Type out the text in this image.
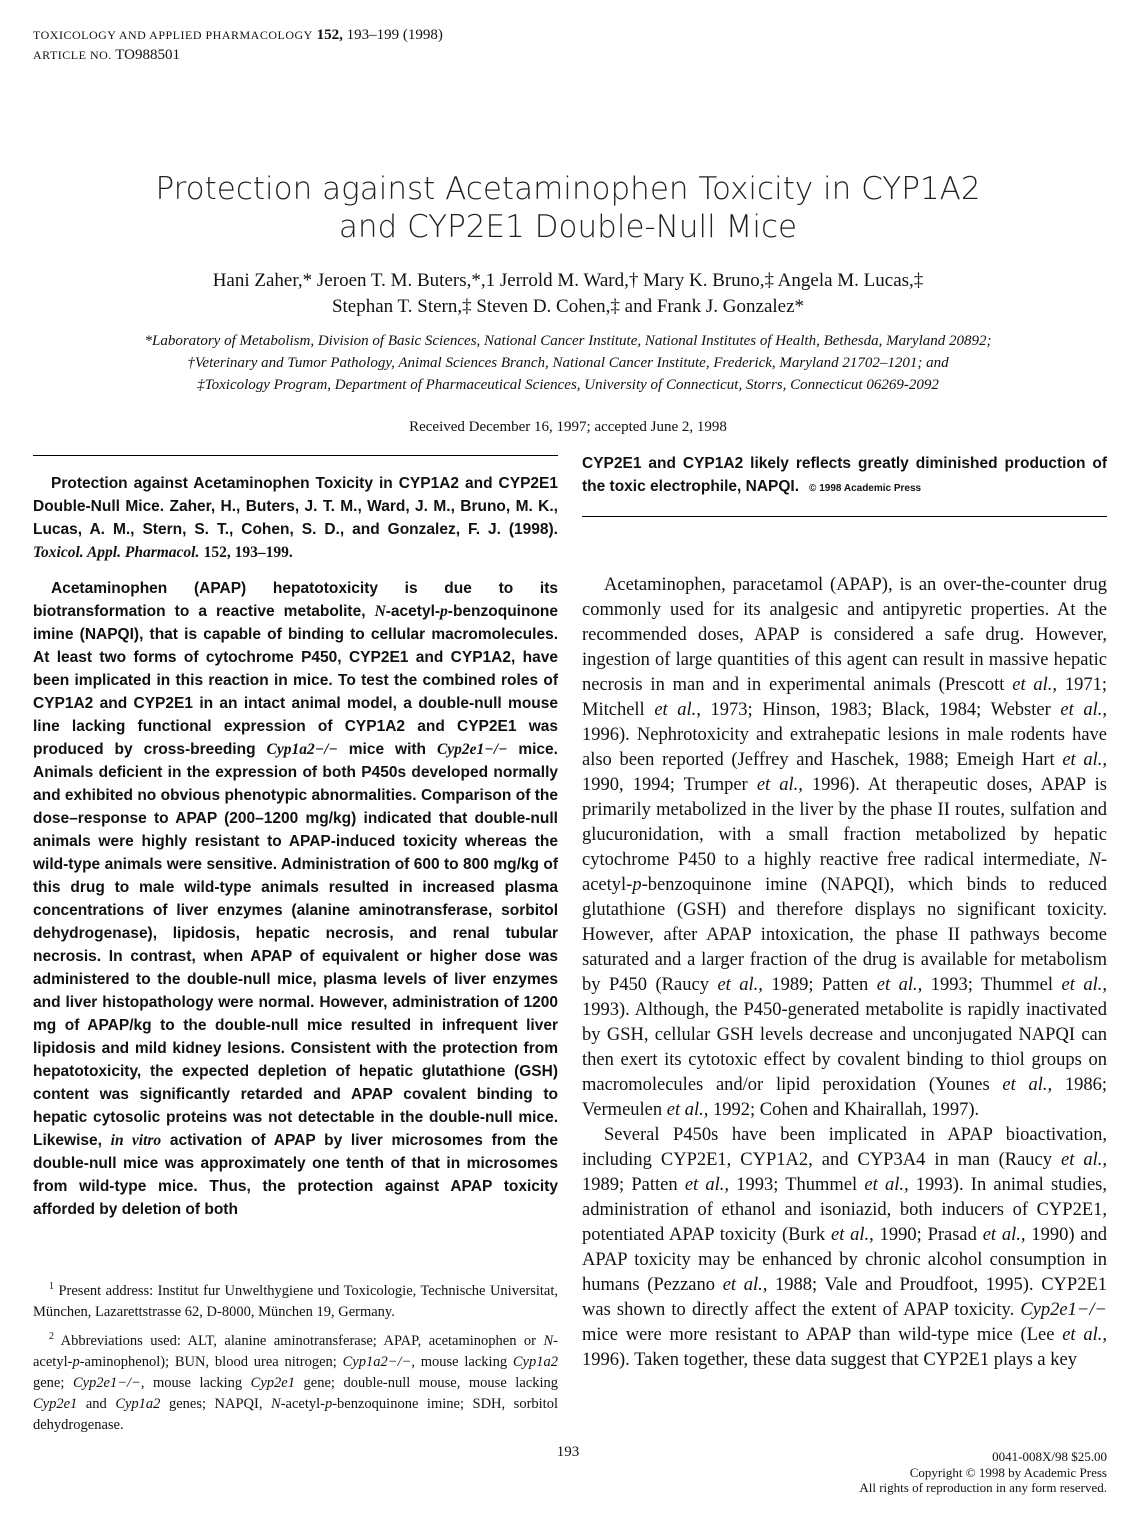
TOXICOLOGY AND APPLIED PHARMACOLOGY 152, 193–199 (1998)
ARTICLE NO. TO988501
Protection against Acetaminophen Toxicity in CYP1A2
and CYP2E1 Double-Null Mice
Hani Zaher,* Jeroen T. M. Buters,*,1 Jerrold M. Ward,† Mary K. Bruno,‡ Angela M. Lucas,‡
Stephan T. Stern,‡ Steven D. Cohen,‡ and Frank J. Gonzalez*
*Laboratory of Metabolism, Division of Basic Sciences, National Cancer Institute, National Institutes of Health, Bethesda, Maryland 20892;
†Veterinary and Tumor Pathology, Animal Sciences Branch, National Cancer Institute, Frederick, Maryland 21702–1201; and
‡Toxicology Program, Department of Pharmaceutical Sciences, University of Connecticut, Storrs, Connecticut 06269-2092
Received December 16, 1997; accepted June 2, 1998
Protection against Acetaminophen Toxicity in CYP1A2 and CYP2E1 Double-Null Mice. Zaher, H., Buters, J. T. M., Ward, J. M., Bruno, M. K., Lucas, A. M., Stern, S. T., Cohen, S. D., and Gonzalez, F. J. (1998). Toxicol. Appl. Pharmacol. 152, 193–199.
Acetaminophen (APAP) hepatotoxicity is due to its biotransformation to a reactive metabolite, N-acetyl-p-benzoquinone imine (NAPQI), that is capable of binding to cellular macromolecules. At least two forms of cytochrome P450, CYP2E1 and CYP1A2, have been implicated in this reaction in mice. To test the combined roles of CYP1A2 and CYP2E1 in an intact animal model, a double-null mouse line lacking functional expression of CYP1A2 and CYP2E1 was produced by cross-breeding Cyp1a2−/− mice with Cyp2e1−/− mice. Animals deficient in the expression of both P450s developed normally and exhibited no obvious phenotypic abnormalities. Comparison of the dose–response to APAP (200–1200 mg/kg) indicated that double-null animals were highly resistant to APAP-induced toxicity whereas the wild-type animals were sensitive. Administration of 600 to 800 mg/kg of this drug to male wild-type animals resulted in increased plasma concentrations of liver enzymes (alanine aminotransferase, sorbitol dehydrogenase), lipidosis, hepatic necrosis, and renal tubular necrosis. In contrast, when APAP of equivalent or higher dose was administered to the double-null mice, plasma levels of liver enzymes and liver histopathology were normal. However, administration of 1200 mg of APAP/kg to the double-null mice resulted in infrequent liver lipidosis and mild kidney lesions. Consistent with the protection from hepatotoxicity, the expected depletion of hepatic glutathione (GSH) content was significantly retarded and APAP covalent binding to hepatic cytosolic proteins was not detectable in the double-null mice. Likewise, in vitro activation of APAP by liver microsomes from the double-null mice was approximately one tenth of that in microsomes from wild-type mice. Thus, the protection against APAP toxicity afforded by deletion of both
CYP2E1 and CYP1A2 likely reflects greatly diminished production of the toxic electrophile, NAPQI. © 1998 Academic Press

$^1$ Present address: Institut fur Unwelthygiene und Toxicologie, Technische Universitat, München, Lazarettstrasse 62, D-8000, München 19, Germany.

$^2$ Abbreviations used: ALT, alanine aminotransferase; APAP, acetaminophen or N-acetyl-p-aminophenol); BUN, blood urea nitrogen; Cyp1a2−/−, mouse lacking Cyp1a2 gene; Cyp2e1−/−, mouse lacking Cyp2e1 gene; double-null mouse, mouse lacking Cyp2e1 and Cyp1a2 genes; NAPQI, N-acetyl-p-benzoquinone imine; SDH, sorbitol dehydrogenase.

Acetaminophen, paracetamol (APAP), is an over-the-counter drug commonly used for its analgesic and antipyretic properties. At the recommended doses, APAP is considered a safe drug. However, ingestion of large quantities of this agent can result in massive hepatic necrosis in man and in experimental animals (Prescott et al., 1971; Mitchell et al., 1973; Hinson, 1983; Black, 1984; Webster et al., 1996). Nephrotoxicity and extrahepatic lesions in male rodents have also been reported (Jeffrey and Haschek, 1988; Emeigh Hart et al., 1990, 1994; Trumper et al., 1996). At therapeutic doses, APAP is primarily metabolized in the liver by the phase II routes, sulfation and glucuronidation, with a small fraction metabolized by hepatic cytochrome P450 to a highly reactive free radical intermediate, N-acetyl-p-benzoquinone imine (NAPQI), which binds to reduced glutathione (GSH) and therefore displays no significant toxicity. However, after APAP intoxication, the phase II pathways become saturated and a larger fraction of the drug is available for metabolism by P450 (Raucy et al., 1989; Patten et al., 1993; Thummel et al., 1993). Although, the P450-generated metabolite is rapidly inactivated by GSH, cellular GSH levels decrease and unconjugated NAPQI can then exert its cytotoxic effect by covalent binding to thiol groups on macromolecules and/or lipid peroxidation (Younes et al., 1986; Vermeulen et al., 1992; Cohen and Khairallah, 1997).

Several P450s have been implicated in APAP bioactivation, including CYP2E1, CYP1A2, and CYP3A4 in man (Raucy et al., 1989; Patten et al., 1993; Thummel et al., 1993). In animal studies, administration of ethanol and isoniazid, both inducers of CYP2E1, potentiated APAP toxicity (Burk et al., 1990; Prasad et al., 1990) and APAP toxicity may be enhanced by chronic alcohol consumption in humans (Pezzano et al., 1988; Vale and Proudfoot, 1995). CYP2E1 was shown to directly affect the extent of APAP toxicity. Cyp2e1−/− mice were more resistant to APAP than wild-type mice (Lee et al., 1996). Taken together, these data suggest that CYP2E1 plays a key

193	0041-008X/98 $25.00
Copyright © 1998 by Academic Press
All rights of reproduction in any form reserved.
